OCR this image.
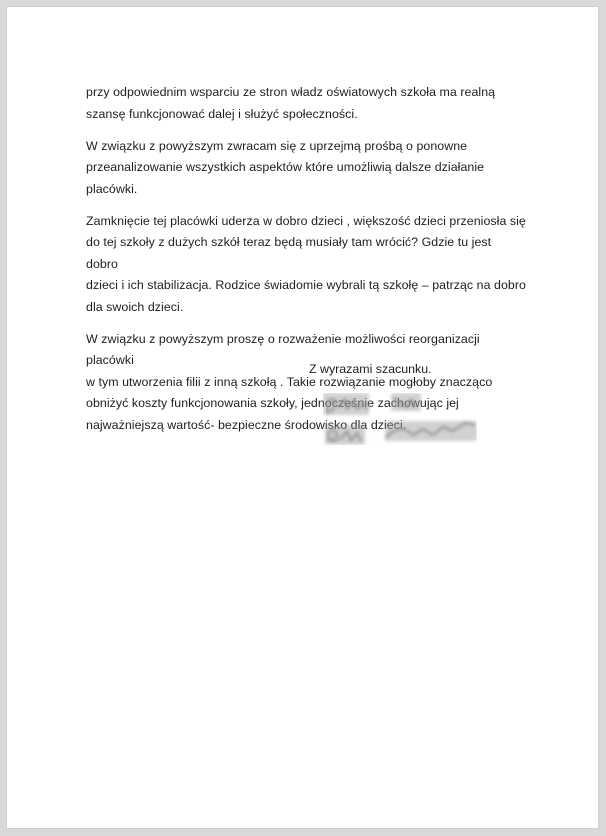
przy odpowiednim wsparciu ze stron władz oświatowych szkoła ma realną
szansę funkcjonować dalej i służyć społeczności.

W związku z powyższym zwracam się z uprzejmą prośbą o ponowne
przeanalizowanie wszystkich aspektów które umożliwią dalsze działanie
placówki.

Zamknięcie tej placówki uderza w dobro dzieci , większość dzieci przeniosła się
do tej szkoły z dużych szkół teraz będą musiały tam wrócić? Gdzie tu jest dobro
dzieci i ich stabilizacja. Rodzice świadomie wybrali tą szkołę – patrząc na dobro
dla swoich dzieci.

W związku z powyższym proszę o rozważenie możliwości reorganizacji placówki
w tym utworzenia filii z inną szkołą . Takie rozwiązanie mogłoby znacząco
obniżyć koszty funkcjonowania szkoły, jej
najważniejszą wartość- bezpieczne środowisko dla

Z wyrazami szacunku.
